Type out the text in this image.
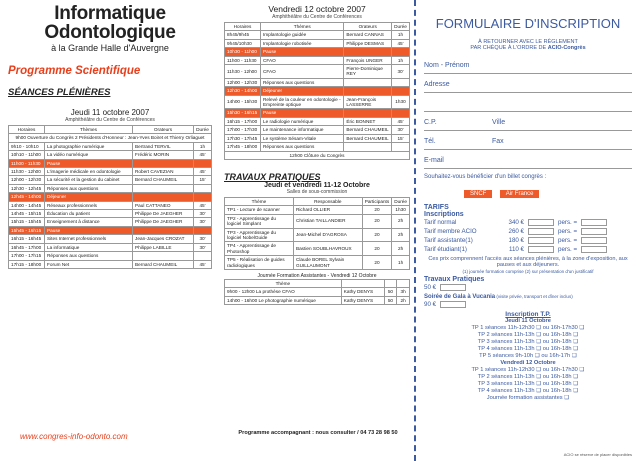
Informatique
Odontologique
à la Grande Halle d'Auvergne
Programme Scientifique
SÉANCES PLÉNIÈRES
Jeudi 11 octobre 2007
Amphithéâtre du Centre de Conférences
Horaires	Thèmes	Orateurs	Durée
9h00 Ouverture du Congrès 2 Présidents d'Honneur : Jean-Yves Boiret et Thierry Orliaguet			
9h10 - 10h10	La photographie numérique	Bertrand TERVIL	1h
10h10 - 11h00	La vidéo numérique	Frédéric MORIN	45'
11h00 - 11h30	Pause		
11h30 - 12h00	L'imagerie médicale en odontologie	Robert CAVEZIAN	45'
12h00 - 12h30	La sécurité et la gestion du cabinet	Bernard CHAUMEIL	15'
12h30 - 12h45	Réponses aux questions		
12h45 - 14h00	Déjeuner		
14h00 - 14h45	Réseaux professionnels	Paul CATTANEO	45'
14h45 - 15h15	Éducation du patient	Philippe De JAEGHER	30'
15h15 - 15h45	Enseignement à distance	Philippe De JAEGHER	30'
15h45 - 16h15	Pause		
16h15 - 16h45	Sites Internet professionnels	Jean-Jacques CROZAT	30'
16h45 - 17h00	La informatique	Philippe LABILLE	30'
17h00 - 17h15	Réponses aux questions		
17h15 - 18h00	Forum Net	Bernard CHAUMEIL	45'
www.congres-info-odonto.com
Vendredi 12 octobre 2007
Amphithéâtre du Centre de Conférences
Horaires	Thèmes	Orateurs	Durée
8h45/9h45	Implantologie guidée	Bernard CANNAS	1h
9h45/10h30	Implantologie robotisée	Philippe DESMAS	45'
10h30 - 11h00	Pause		
11h00 - 11h30	CFAO	François UNGER	1h
11h30 - 12h00	CFAO	Pierre-Dominique REY	30'
12h00 - 12h30	Réponses aux questions		
12h30 - 14h00	Déjeuner		
14h00 - 15h30	Relevé de la couleur en odontologie - Empreinte optique	Jean-François LASSERRE	1h30
15h30 - 16h15	Pause		
16h15 - 17h00	Le radiologie numérique	Éric BONNET	45'
17h00 - 17h30	Le maintenance informatique	Bernard CHAUMEIL	30'
17h30 - 17h45	Le système Sésam-Vitale	Bernard CHAUMEIL	15'
17h45 - 18h00	Réponses aux questions		
12h00 Clôture du Congrès			
TRAVAUX PRATIQUES
Jeudi et vendredi 11-12 Octobre
Salles de sous-commission
Thème	Responsable	Participants	Durée
TP1 - Lecture de scanner	Richard OLLIER	20	1h30
TP2 - Apprentissage du logiciel Simplant	Christian TAILLANDIER	20	2h
TP3 - Apprentissage du logiciel NobelGuide	Jean-Michel D'AGROSA	20	2h
TP4 - Apprentissage de Photoshop	Bastien SOUBLHAVROUX	20	2h
TP5 - Réalisation de guides radiologiques	Claude BOREL Sylvain GUILLAUMONT	20	1h
Journée Formation Assistantes - Vendredi 12 Octobre
Thème			
9h00 - 12h00 La prothèse CFAO	Kathy DENYS	50	3h
14h00 - 16h00 Le photographie numérique	Kathy DENYS	50	2h
Programme accompagnant : nous consulter / 04 73 28 98 50
FORMULAIRE D'INSCRIPTION
À RETOURNER AVEC LE RÈGLEMENT
PAR CHÈQUE À L'ORDRE DE ACIO-Congrès
Nom - Prénom
Adresse
C.P.	Ville
Tél.	Fax
E-mail
Souhaitez-vous bénéficier d'un billet congrès :
SNCF	Air France
TARIFS
Inscriptions
Tarif normal	340 €	pers. =
Tarif membre ACIO	260 €	pers. =
Tarif assistante(1)	180 €	pers. =
Tarif étudiant(1)	110 €	pers. =
Ces prix comprennent l'accès aux séances plénières, à la zone d'exposition, aux pauses et aux déjeuners.
(1) journée formation comprise (2) sur présentation d'un justificatif
Travaux Pratiques
50 €
Soirée de Gala à Vucania (visite privée, transport et dîner inclus)
90 €
Inscription T.P.
Jeudi 11 Octobre
TP 1 séances 11h-12h30 ❑ ou 16h-17h30 ❑
TP 2 séances 11h-13h ❑ ou 16h-18h ❑
TP 3 séances 11h-13h ❑ ou 16h-18h ❑
TP 4 séances 11h-13h ❑ ou 16h-18h ❑
TP 5 séances 9h-10h ❑ ou 16h-17h ❑
Vendredi 12 Octobre
TP 1 séances 11h-12h30 ❑ ou 16h-17h30 ❑
TP 2 séances 11h-13h ❑ ou 16h-18h ❑
TP 3 séances 11h-13h ❑ ou 16h-18h ❑
TP 4 séances 11h-13h ❑ ou 16h-18h ❑
Journée formation assistantes ❑
ACIO se réserve de placer disponibles
